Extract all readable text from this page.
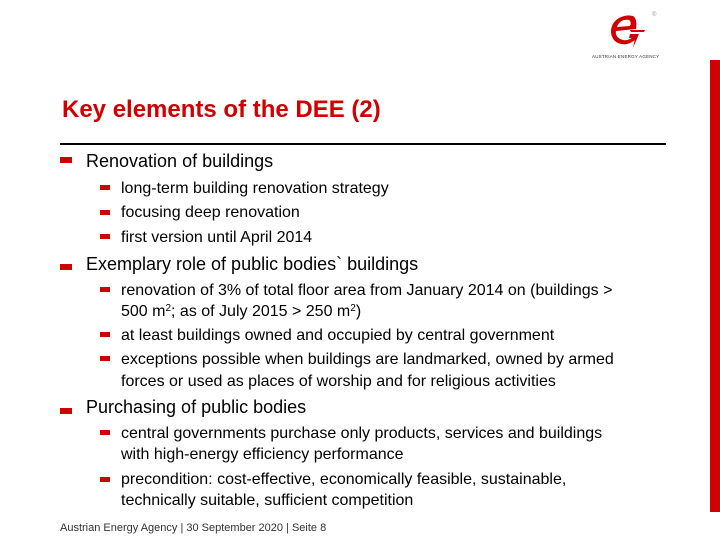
®
AUSTRIAN ENERGY AGENCY
Key elements of the DEE (2)
Renovation of buildings
long-term building renovation strategy
focusing deep renovation
first version until April 2014
Exemplary role of public bodies` buildings
renovation of 3% of total floor area from January 2014 on (buildings >
500 $m^2$; as of July 2015 > 250 $m^2$)
at least buildings owned and occupied by central government
exceptions possible when buildings are landmarked, owned by armed
forces or used as places of worship and for religious activities
Purchasing of public bodies
central governments purchase only products, services and buildings
with high-energy efficiency performance
precondition: cost-effective, economically feasible, sustainable,
technically suitable, sufficient competition
Austrian Energy Agency | 30 September 2020 | Seite 8
